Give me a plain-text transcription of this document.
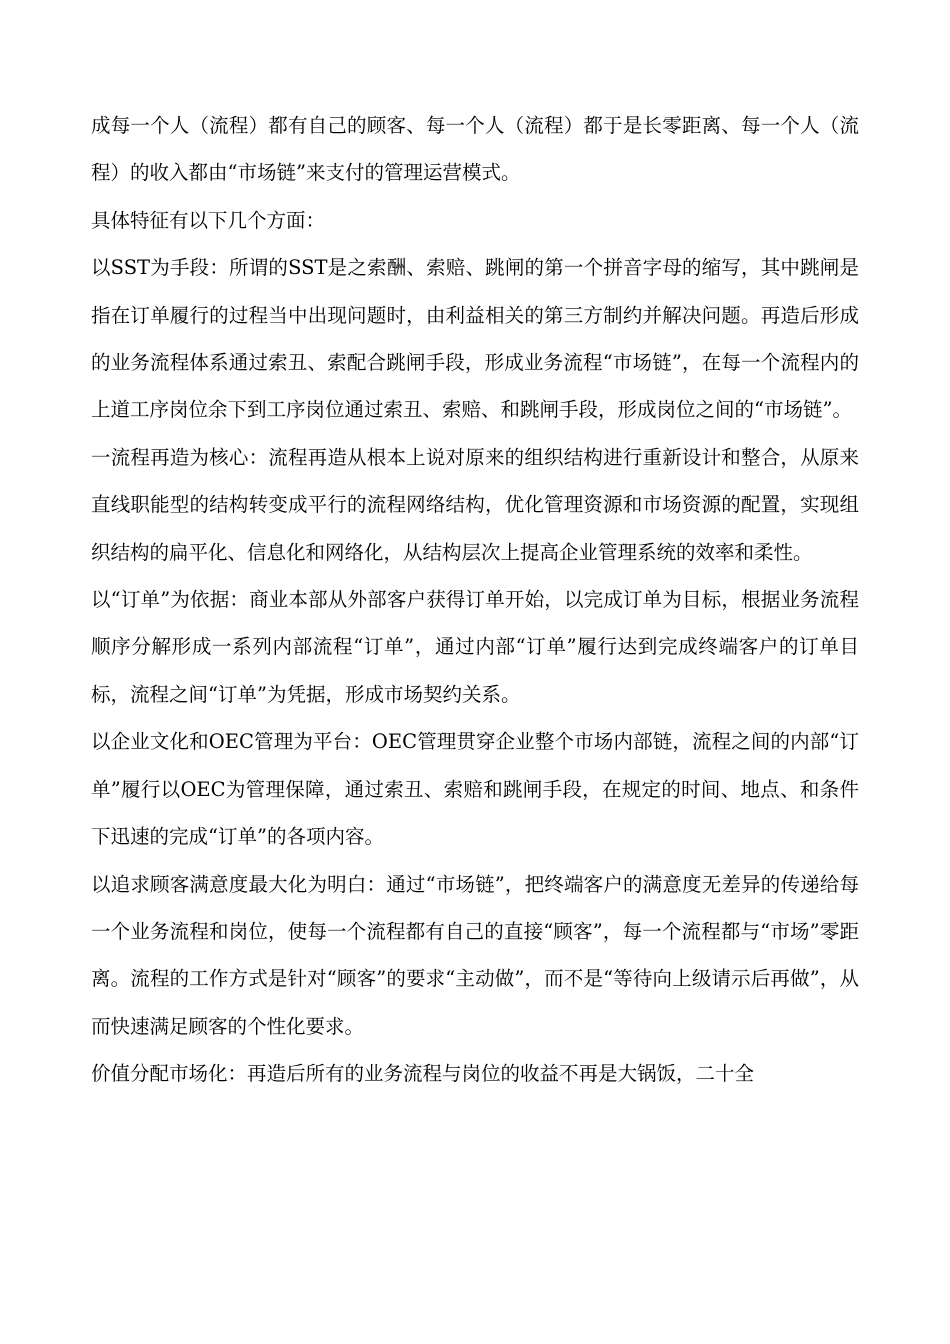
成每一个人（流程）都有自己的顾客、每一个人（流程）都于是长零距离、每一个人（流程）的收入都由“市场链”来支付的管理运营模式。

具体特征有以下几个方面：

以SST为手段：所谓的SST是之索酬、索赔、跳闸的第一个拼音字母的缩写，其中跳闸是指在订单履行的过程当中出现问题时，由利益相关的第三方制约并解决问题。再造后形成的业务流程体系通过索丑、索配合跳闸手段，形成业务流程“市场链”，在每一个流程内的上道工序岗位余下到工序岗位通过索丑、索赔、和跳闸手段，形成岗位之间的“市场链”。

一流程再造为核心：流程再造从根本上说对原来的组织结构进行重新设计和整合，从原来直线职能型的结构转变成平行的流程网络结构，优化管理资源和市场资源的配置，实现组织结构的扁平化、信息化和网络化，从结构层次上提高企业管理系统的效率和柔性。

以“订单”为依据：商业本部从外部客户获得订单开始，以完成订单为目标，根据业务流程顺序分解形成一系列内部流程“订单”，通过内部“订单”履行达到完成终端客户的订单目标，流程之间“订单”为凭据，形成市场契约关系。

以企业文化和OEC管理为平台：OEC管理贯穿企业整个市场内部链，流程之间的内部“订单”履行以OEC为管理保障，通过索丑、索赔和跳闸手段，在规定的时间、地点、和条件下迅速的完成“订单”的各项内容。

以追求顾客满意度最大化为明白：通过“市场链”，把终端客户的满意度无差异的传递给每一个业务流程和岗位，使每一个流程都有自己的直接“顾客”，每一个流程都与“市场”零距离。流程的工作方式是针对“顾客”的要求“主动做”，而不是“等待向上级请示后再做”，从而快速满足顾客的个性化要求。

价值分配市场化：再造后所有的业务流程与岗位的收益不再是大锅饭，二十全
